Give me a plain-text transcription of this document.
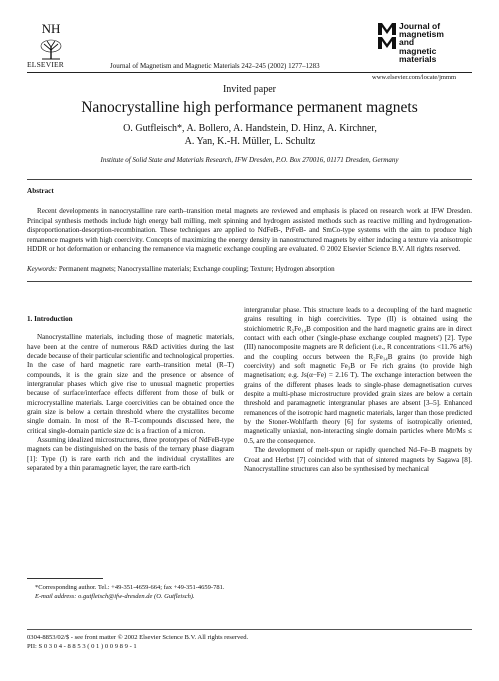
NH
ELSEVIER	Journal of Magnetism and Magnetic Materials 242–245 (2002) 1277–1283
Journal of
magnetism
and
magnetic
materials
www.elsevier.com/locate/jmmm
Invited paper
Nanocrystalline high performance permanent magnets
O. Gutfleisch*, A. Bollero, A. Handstein, D. Hinz, A. Kirchner,
A. Yan, K.-H. Müller, L. Schultz
Institute of Solid State and Materials Research, IFW Dresden, P.O. Box 270016, 01171 Dresden, Germany
Abstract
Recent developments in nanocrystalline rare earth–transition metal magnets are reviewed and emphasis is placed on research work at IFW Dresden. Principal synthesis methods include high energy ball milling, melt spinning and hydrogen assisted methods such as reactive milling and hydrogenation-disproportionation-desorption-recombination. These techniques are applied to NdFeB-, PrFeB- and SmCo-type systems with the aim to produce high remanence magnets with high coercivity. Concepts of maximizing the energy density in nanostructured magnets by either inducing a texture via anisotropic HDDR or hot deformation or enhancing the remanence via magnetic exchange coupling are evaluated. © 2002 Elsevier Science B.V. All rights reserved.
Keywords: Permanent magnets; Nanocrystalline materials; Exchange coupling; Texture; Hydrogen absorption
1. Introduction

Nanocrystalline materials, including those of magnetic materials, have been at the centre of numerous R&D activities during the last decade because of their particular scientific and technological properties. In the case of hard magnetic rare earth–transition metal (R–T) compounds, it is the grain size and the presence or absence of intergranular phases which give rise to unusual magnetic properties because of surface/interface effects different from those of bulk or microcrystalline materials. Large coercivities can be obtained once the grain size is below a certain threshold where the crystallites become single domain. In most of the R–T-compounds discussed here, the critical single-domain particle size dᴄ is a fraction of a micron.

Assuming idealized microstructures, three prototypes of NdFeB-type magnets can be distinguished on the basis of the ternary phase diagram [1]: Type (I) is rare earth rich and the individual crystallites are separated by a thin paramagnetic layer, the rare earth-rich

intergranular phase. This structure leads to a decoupling of the hard magnetic grains resulting in high coercivities. Type (II) is obtained using the stoichiometric R₂Fe₁₄B composition and the hard magnetic grains are in direct contact with each other ('single-phase exchange coupled magnets') [2]. Type (III) nanocomposite magnets are R deficient (i.e., R concentrations <11.76 at%) and the coupling occurs between the R₂Fe₁₄B grains (to provide high coercivity) and soft magnetic Fe₃B or Fe rich grains (to provide high magnetisation; e.g. Js(α−Fe) = 2.16 T). The exchange interaction between the grains of the different phases leads to single-phase demagnetisation curves despite a multi-phase microstructure provided grain sizes are below a certain threshold and paramagnetic intergranular phases are absent [3–5]. Enhanced remanences of the isotropic hard magnetic materials, larger than those predicted by the Stoner-Wohlfarth theory [6] for systems of isotropically oriented, magnetically uniaxial, non-interacting single domain particles where Mr/Ms ≤ 0.5, are the consequence.

The development of melt-spun or rapidly quenched Nd–Fe–B magnets by Croat and Herbst [7] coincided with that of sintered magnets by Sagawa [8]. Nanocrystalline structures can also be synthesised by mechanical

*Corresponding author. Tel.: +49-351-4659-664; fax +49-351-4659-781.

E-mail address: o.gutfleisch@ifw-dresden.de (O. Gutfleisch).

0304-8853/02/$ - see front matter © 2002 Elsevier Science B.V. All rights reserved.
PII: S 0 3 0 4 - 8 8 5 3 ( 0 1 ) 0 0 9 8 9 - 1
